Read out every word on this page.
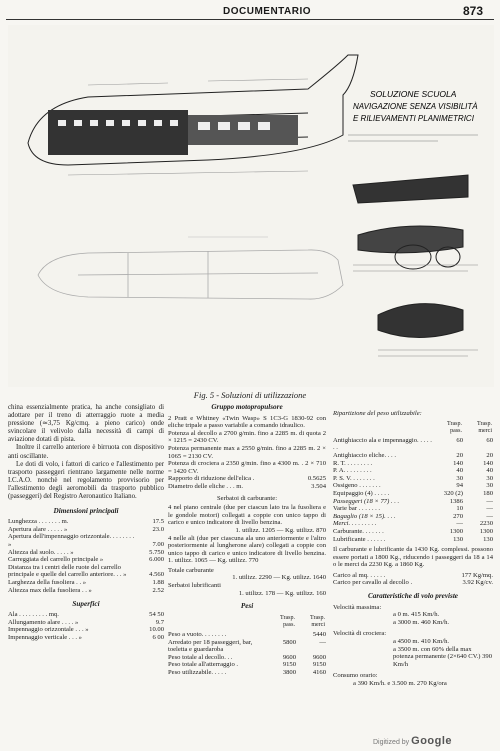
DOCUMENTARIO	873
SOLUZIONE SCUOLA
NAVIGAZIONE SENZA VISIBILITÀ
E RILIEVAMENTI PLANIMETRICI
Fig. 5 - Soluzioni di utilizzazione

china essenzialmente pratica, ha anche consigliato di adottare per il treno di atterraggio ruote a media pressione (≃3,75 Kg/cmq. a pieno carico) onde svincolare il velivolo dalla necessità di campi di aviazione dotati di pista.

Inoltre il carrello anteriore è birruota con dispositivo anti oscillante.

Le doti di volo, i fattori di carico e l'allestimento per trasporto passeggeri rientrano largamente nelle norme I.C.A.O. nonchè nel regolamento provvisorio per l'allestimento degli aeromobili da trasporto pubblico (passeggeri) del Registro Aeronautico Italiano.

Dimensioni principali
Lunghezza . . . . . . . m.	17.5
Apertura alare . . . . . »	23.0
Apertura dell'impennaggio orizzontale. . . . . . . . »	7.00
Altezza dal suolo. . . . . »	5.750
Carreggiata del carrello principale »	6.000
Distanza tra i centri delle ruote del carrello principale e quelle del carrello anteriore. . . »	4.560
Larghezza della fusoliera . . »	1.88
Altezza max della fusoliera . . »	2.52
Superfici
Ala . . . . . . . . . mq.	54 50
Allungamento alare . . . . »	9.7
Impennaggio orizzontale . . . »	10.00
Impennaggio verticale . . . »	6 00
Gruppo motopropulsore

2 Pratt e Whitney «Twin Wasp» S 1C3-G 1830-92 con eliche tripale a passo variabile a comando idraulico.

Potenza al decollo a 2700 g/min. fino a 2285 m. di quota 2 × 1215 = 2430 CV.

Potenza permanente max a 2550 g/min. fino a 2285 m. 2 × 1065 = 2130 CV.

Potenza di crociera a 2350 g/min. fino a 4300 m. . 2 × 710 = 1420 CV.

Rapporto di riduzione dell'elica .	0.5625
Diametro delle eliche . . . m.	3.504
Serbatoi di carburante:

4 nel piano centrale (due per ciascun lato tra la fusoliera e le gondole motori) collegati a coppie con unico tappo di carico e unico indicatore di livello benzina.

1. utilizz. 1205 — Kg. utilizz. 870

4 nelle ali (due per ciascuna ala uno anteriormente e l'altro posteriormente al lungherone alare) collegati a coppie con unico tappo di carico e unico indicatore di livello benzina. 1. utilizz. 1065 — Kg. utilizz. 770

Totale carburante

1. utilizz. 2290 — Kg. utilizz. 1640

Serbatoi lubrificanti

1. utilizz. 178 — Kg. utilizz. 160

Pesi
	Trasp. pass.	Trasp. merci
Peso a vuoto. . . . . . . .		5440
Arredato per 18 passeggeri, bar, toeletta e guardaroba	5800	—
Peso totale al decollo. . .	9600	9600
Peso totale all'atterraggio .	9150	9150
Peso utilizzabile. . . . .	3800	4160
Ripartizione del peso utilizzabile:
	Trasp. pass.	Trasp. merci
Antighiaccio ala e impennaggio. . . . . . .	60	60
Antighiaccio eliche. . . .	20	20
R. T. . . . . . . . .	140	140
P. A. . . . . . . . .	40	40
P. S. V. . . . . . . .	30	30
Ossigeno . . . . . . .	94	30
Equipaggio (4) . . . . .	320 (2)	180
Passeggeri (18 × 77) . . .	1386	—
Varie bar . . . . . . .	10	—
Bagaglio (18 × 15). . . .	270	—
Merci. . . . . . . . .	—	2230
Carburante. . . . . . .	1300	1300
Lubrificante . . . . . .	130	130

Il carburante e lubrificante da 1430 Kg. complessi. possono essere portati a 1800 Kg., riducendo i passeggeri da 18 a 14 o le merci da 2230 Kg. a 1860 Kg.

Carico al mq. . . . . .	177 Kg/mq.
Carico per cavallo al decollo .	3.92 Kg/cv.
Caratteristiche di volo previste
Velocità massima:
a 0 m. 415 Km/h.
a 3000 m. 460 Km/h.
Velocità di crociera:
a 4500 m. 410 Km/h.
a 3500 m. con 60% della max potenza permanente (2×640 CV.) 390 Km/h
Consumo orario:
a 390 Km/h. e 3.500 m. 270 Kg/ora
Digitized by Google
